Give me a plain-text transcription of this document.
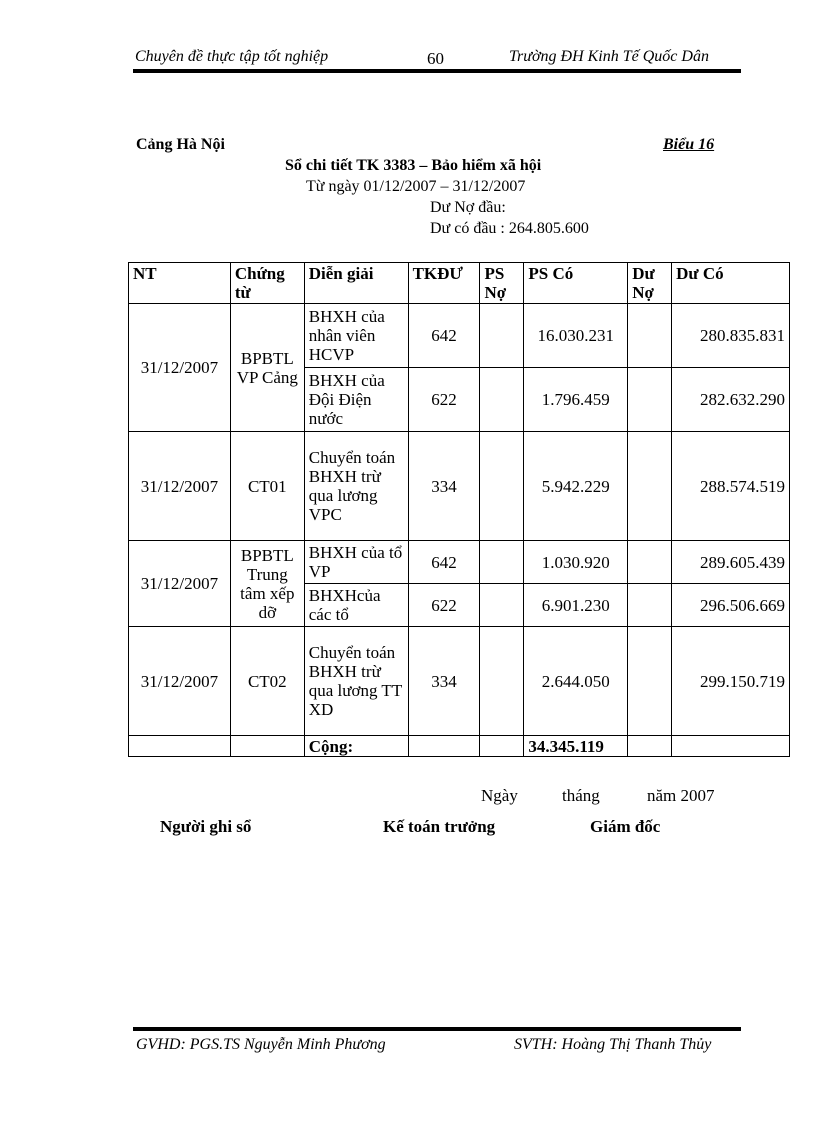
Chuyên đề thực tập tốt nghiệp	60	Trường ĐH Kinh Tế Quốc Dân
Cảng Hà Nội	Biểu 16
Sổ chi tiết TK 3383 – Bảo hiểm xã hội
Từ ngày 01/12/2007 – 31/12/2007
Dư Nợ đầu:
Dư có đầu : 264.805.600
NT	Chứng từ	Diễn giải	TKĐƯ	PS Nợ	PS Có	Dư Nợ	Dư Có
31/12/2007	BPBTL VP Cảng	BHXH của nhân viên HCVP	642		16.030.231		280.835.831
		BHXH của Đội Điện nước	622		1.796.459		282.632.290
31/12/2007	CT01	Chuyển toán BHXH trừ qua lương VPC	334		5.942.229		288.574.519
31/12/2007	BPBTL Trung tâm xếp dỡ	BHXH của tổ VP	642		1.030.920		289.605.439
		BHXHcủa các tổ	622		6.901.230		296.506.669
31/12/2007	CT02	Chuyển toán BHXH trừ qua lương TT XD	334		2.644.050		299.150.719
		Cộng:			34.345.119		
Ngày	tháng	năm 2007
Người ghi sổ	Kế toán trưởng	Giám đốc
GVHD: PGS.TS Nguyễn Minh Phương	SVTH: Hoàng Thị Thanh Thủy
